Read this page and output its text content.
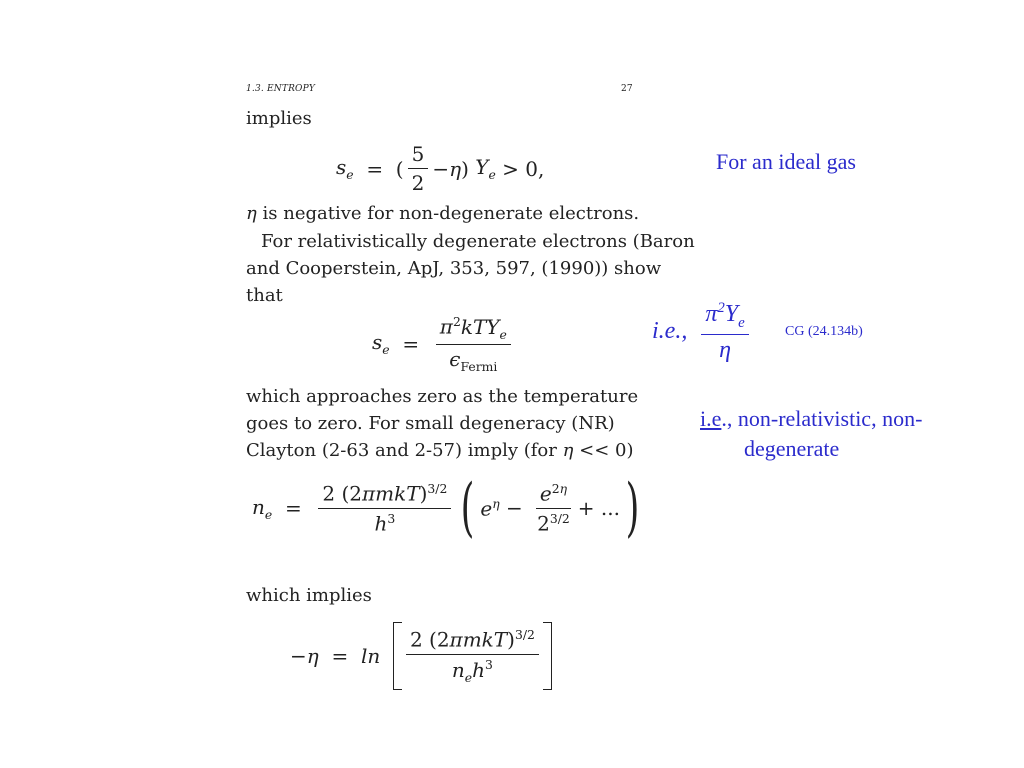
1.3. ENTROPY	27
implies
$s_e$ =  ( $\frac{5}{2} - \eta$ ) $Y_e > 0$,
η is negative for non-degenerate electrons.
For relativistically degenerate electrons (Baron
and Cooperstein, ApJ, 353, 597, (1990)) show
that
$s_e = \frac{\pi^2kTY_e}{\epsilon_{Fermi}}$
which approaches zero as the temperature
goes to zero. For small degeneracy (NR)
Clayton (2-63 and 2-57) imply (for η << 0)
$n_e = \frac{2 (2\pi mkT)^{3/2}}{h^3}$ ( $e^\eta - \frac{e^{2\eta}}{2^{3/2}}$ + ... )
which implies
− η = ln
$\frac{2 (2\pi mkT)^{3/2}}{n_eh^3}$
For an ideal gas
i.e., $\frac{\pi^2Y_e}{\eta}$	CG (24.134b)
i.e., non-relativistic, non-
degenerate
